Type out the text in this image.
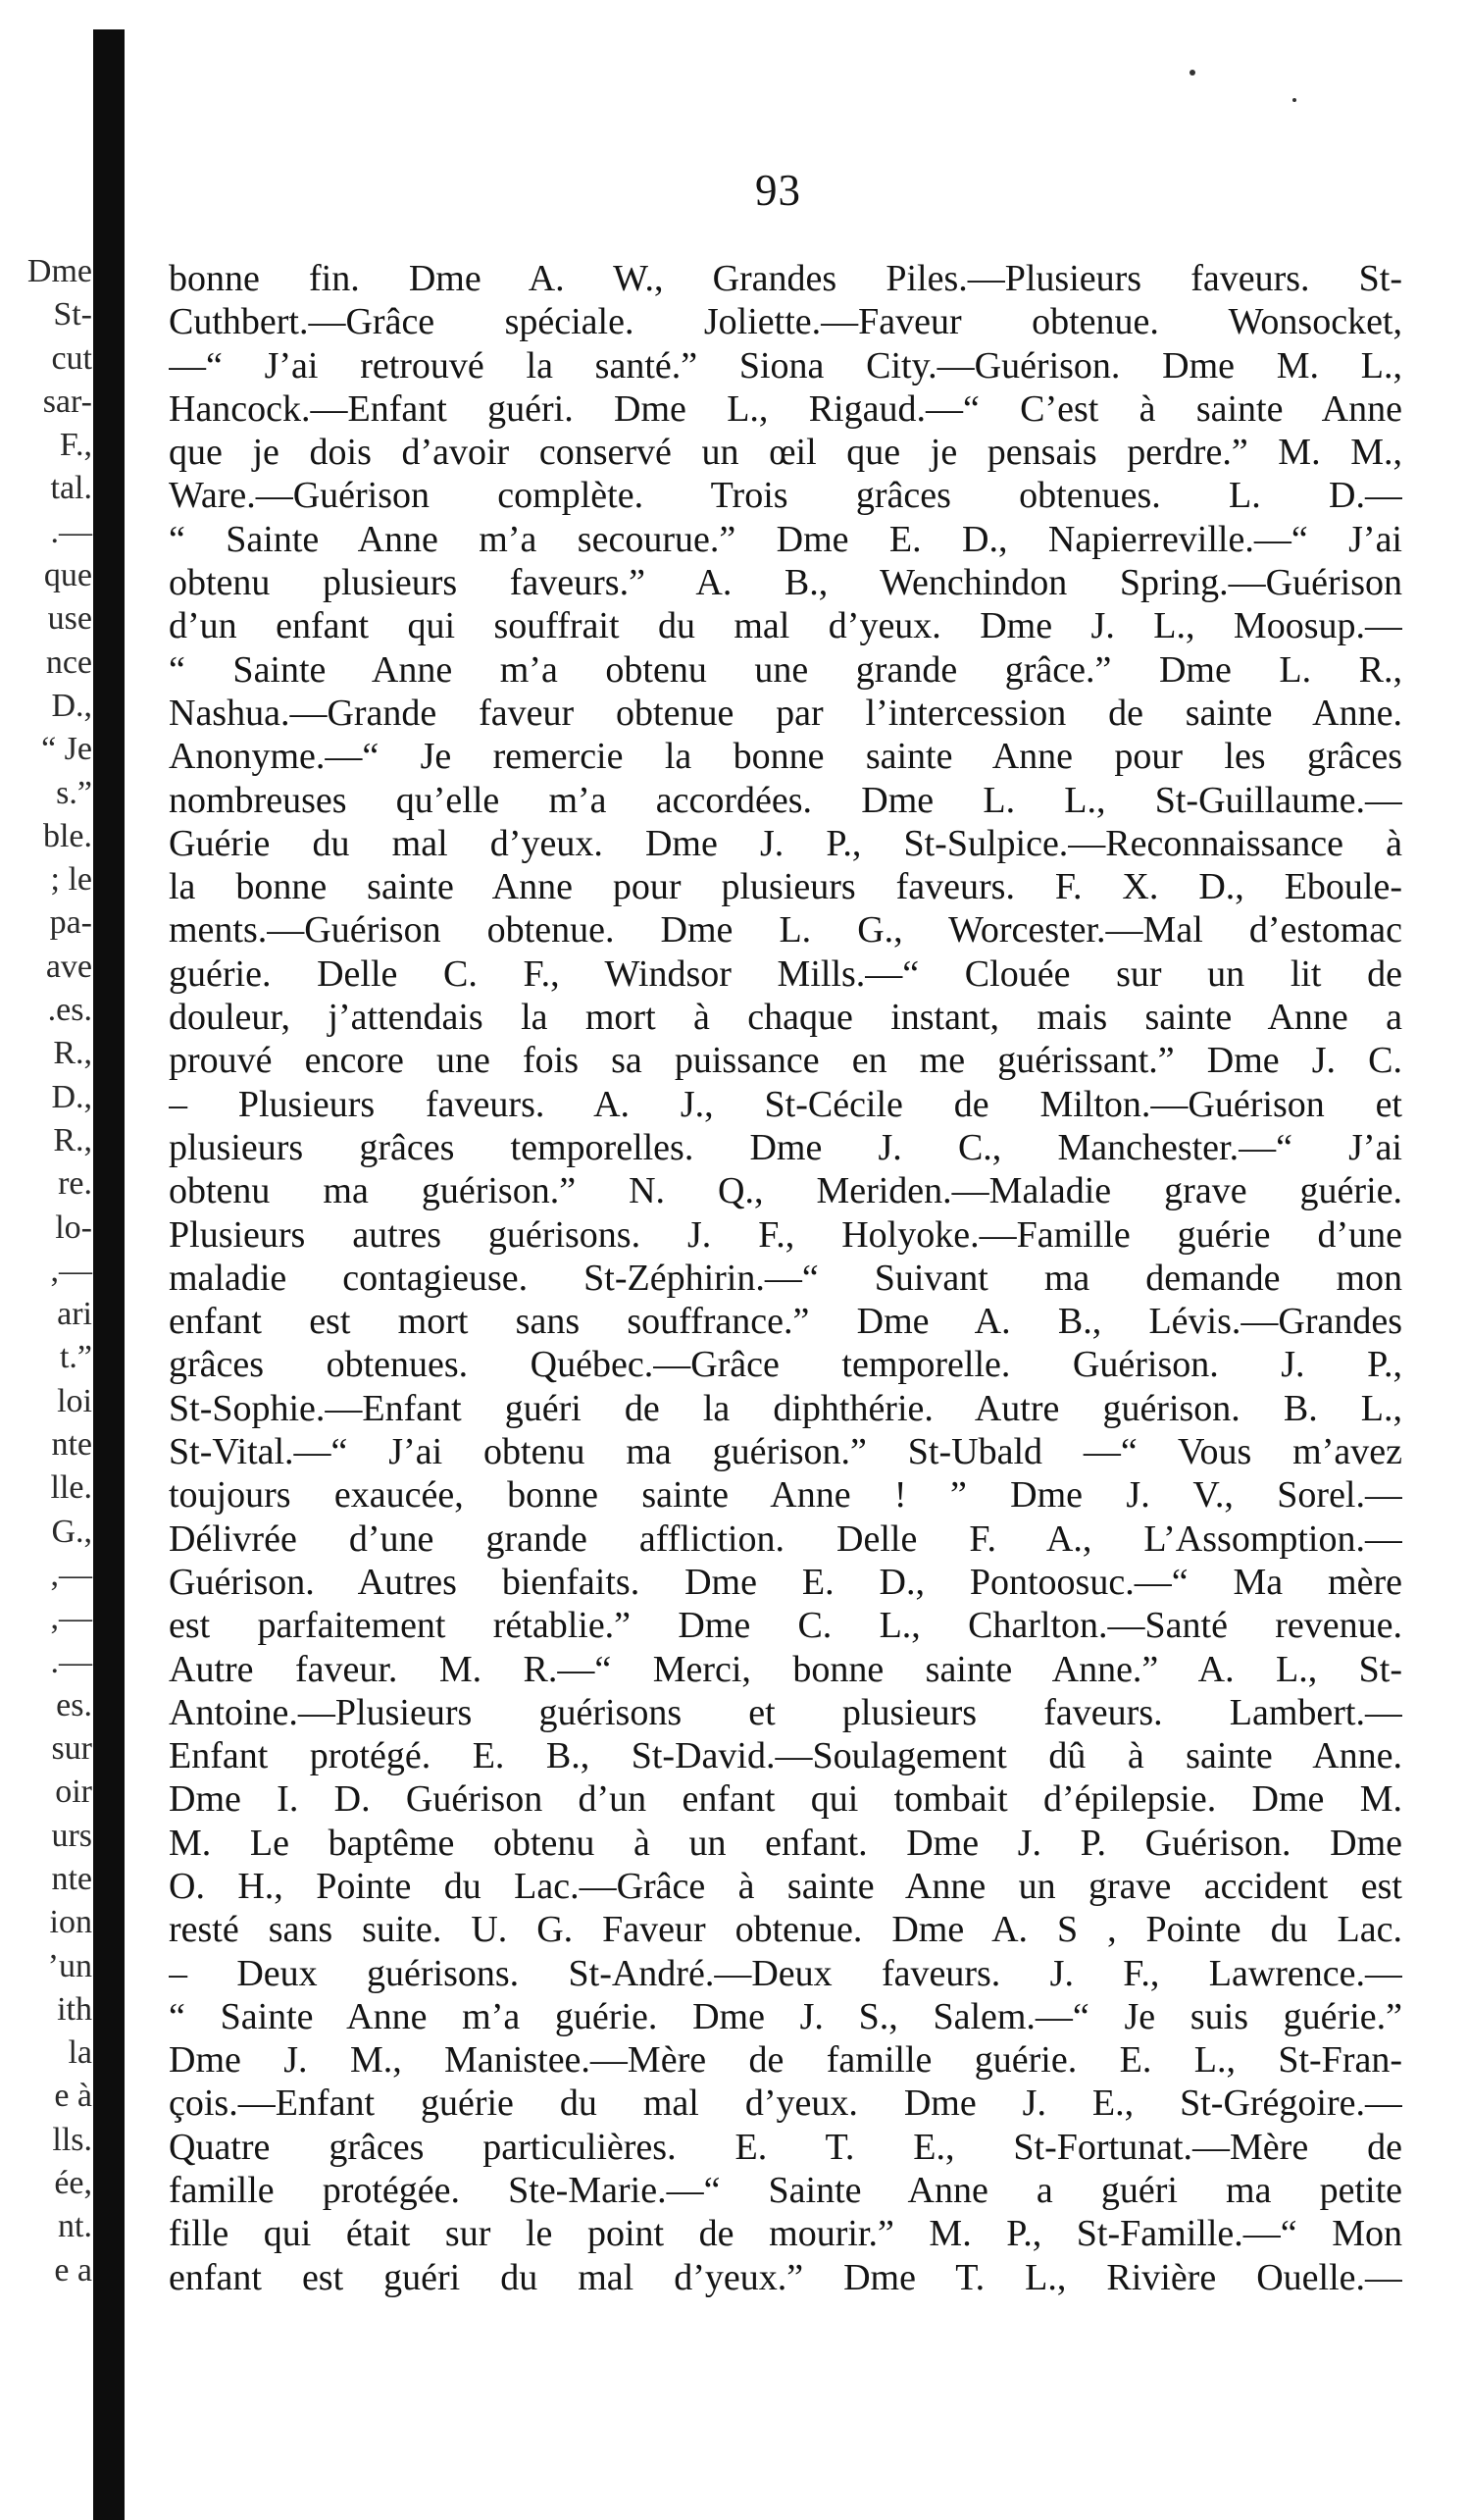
Dme
St-
cut
sar-
F.,
tal.
.—
que
use
nce
D.,
“ Je
s.”
ble.
; le
pa-
ave
.es.
R.,
D.,
R.,
re.
lo-
,—
ari
t.”
loi
nte
lle.
G.,
,—
,—
.—
es.
sur
oir
urs
nte
ion
’un
ith
la
e à
lls.
ée,
nt.
e a
93
bonne fin. Dme A. W., Grandes Piles.—Plusieurs faveurs. St-
Cuthbert.—Grâce spéciale. Joliette.—Faveur obtenue. Wonsocket,
—“ J’ai retrouvé la santé.” Siona City.—Guérison. Dme M. L.,
Hancock.—Enfant guéri. Dme L., Rigaud.—“ C’est à sainte Anne
que je dois d’avoir conservé un œil que je pensais perdre.” M. M.,
Ware.—Guérison complète. Trois grâces obtenues. L. D.—
“ Sainte Anne m’a secourue.” Dme E. D., Napierreville.—“ J’ai
obtenu plusieurs faveurs.” A. B., Wenchindon Spring.—Guérison
d’un enfant qui souffrait du mal d’yeux. Dme J. L., Moosup.—
“ Sainte Anne m’a obtenu une grande grâce.” Dme L. R.,
Nashua.—Grande faveur obtenue par l’intercession de sainte Anne.
Anonyme.—“ Je remercie la bonne sainte Anne pour les grâces
nombreuses qu’elle m’a accordées. Dme L. L., St-Guillaume.—
Guérie du mal d’yeux. Dme J. P., St-Sulpice.—Reconnaissance à
la bonne sainte Anne pour plusieurs faveurs. F. X. D., Eboule-
ments.—Guérison obtenue. Dme L. G., Worcester.—Mal d’estomac
guérie. Delle C. F., Windsor Mills.—“ Clouée sur un lit de
douleur, j’attendais la mort à chaque instant, mais sainte Anne a
prouvé encore une fois sa puissance en me guérissant.” Dme J. C.
– Plusieurs faveurs. A. J., St-Cécile de Milton.—Guérison et
plusieurs grâces temporelles. Dme J. C., Manchester.—“ J’ai
obtenu ma guérison.” N. Q., Meriden.—Maladie grave guérie.
Plusieurs autres guérisons. J. F., Holyoke.—Famille guérie d’une
maladie contagieuse. St-Zéphirin.—“ Suivant ma demande mon
enfant est mort sans souffrance.” Dme A. B., Lévis.—Grandes
grâces obtenues. Québec.—Grâce temporelle. Guérison. J. P.,
St-Sophie.—Enfant guéri de la diphthérie. Autre guérison. B. L.,
St-Vital.—“ J’ai obtenu ma guérison.” St-Ubald —“ Vous m’avez
toujours exaucée, bonne sainte Anne ! ” Dme J. V., Sorel.—
Délivrée d’une grande affliction. Delle F. A., L’Assomption.—
Guérison. Autres bienfaits. Dme E. D., Pontoosuc.—“ Ma mère
est parfaitement rétablie.” Dme C. L., Charlton.—Santé revenue.
Autre faveur. M. R.—“ Merci, bonne sainte Anne.” A. L., St-
Antoine.—Plusieurs guérisons et plusieurs faveurs. Lambert.—
Enfant protégé. E. B., St-David.—Soulagement dû à sainte Anne.
Dme I. D. Guérison d’un enfant qui tombait d’épilepsie. Dme M.
M. Le baptême obtenu à un enfant. Dme J. P. Guérison. Dme
O. H., Pointe du Lac.—Grâce à sainte Anne un grave accident est
resté sans suite. U. G. Faveur obtenue. Dme A. S , Pointe du Lac.
– Deux guérisons. St-André.—Deux faveurs. J. F., Lawrence.—
“ Sainte Anne m’a guérie. Dme J. S., Salem.—“ Je suis guérie.”
Dme J. M., Manistee.—Mère de famille guérie. E. L., St-Fran-
çois.—Enfant guérie du mal d’yeux. Dme J. E., St-Grégoire.—
Quatre grâces particulières. E. T. E., St-Fortunat.—Mère de
famille protégée. Ste-Marie.—“ Sainte Anne a guéri ma petite
fille qui était sur le point de mourir.” M. P., St-Famille.—“ Mon
enfant est guéri du mal d’yeux.” Dme T. L., Rivière Ouelle.—
